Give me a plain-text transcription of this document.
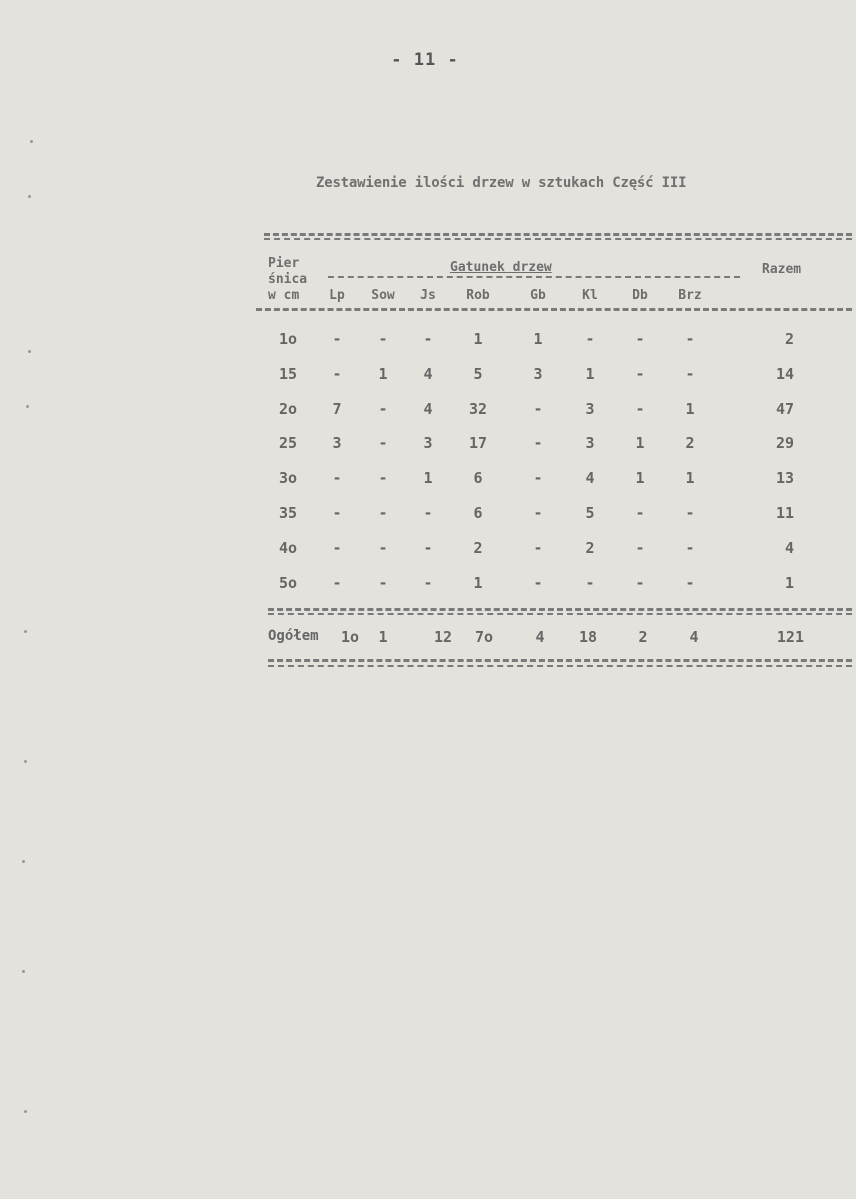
- 11 -
Zestawienie ilości drzew w sztukach Część III
Pier
śnica
w cm
Gatunek drzew	Razem
Lp	Sow	Js	Rob	Gb	Kl	Db	Brz
1o	-	-	-	1	1	-	-	-	2
15	-	1	4	5	3	1	-	-	14
2o	7	-	4	32	-	3	-	1	47
25	3	-	3	17	-	3	1	2	29
3o	-	-	1	6	-	4	1	1	13
35	-	-	-	6	-	5	-	-	11
4o	-	-	-	2	-	2	-	-	4
5o	-	-	-	1	-	-	-	-	1
Ogółem	1o	1	12	7o	4	18	2	4	121
